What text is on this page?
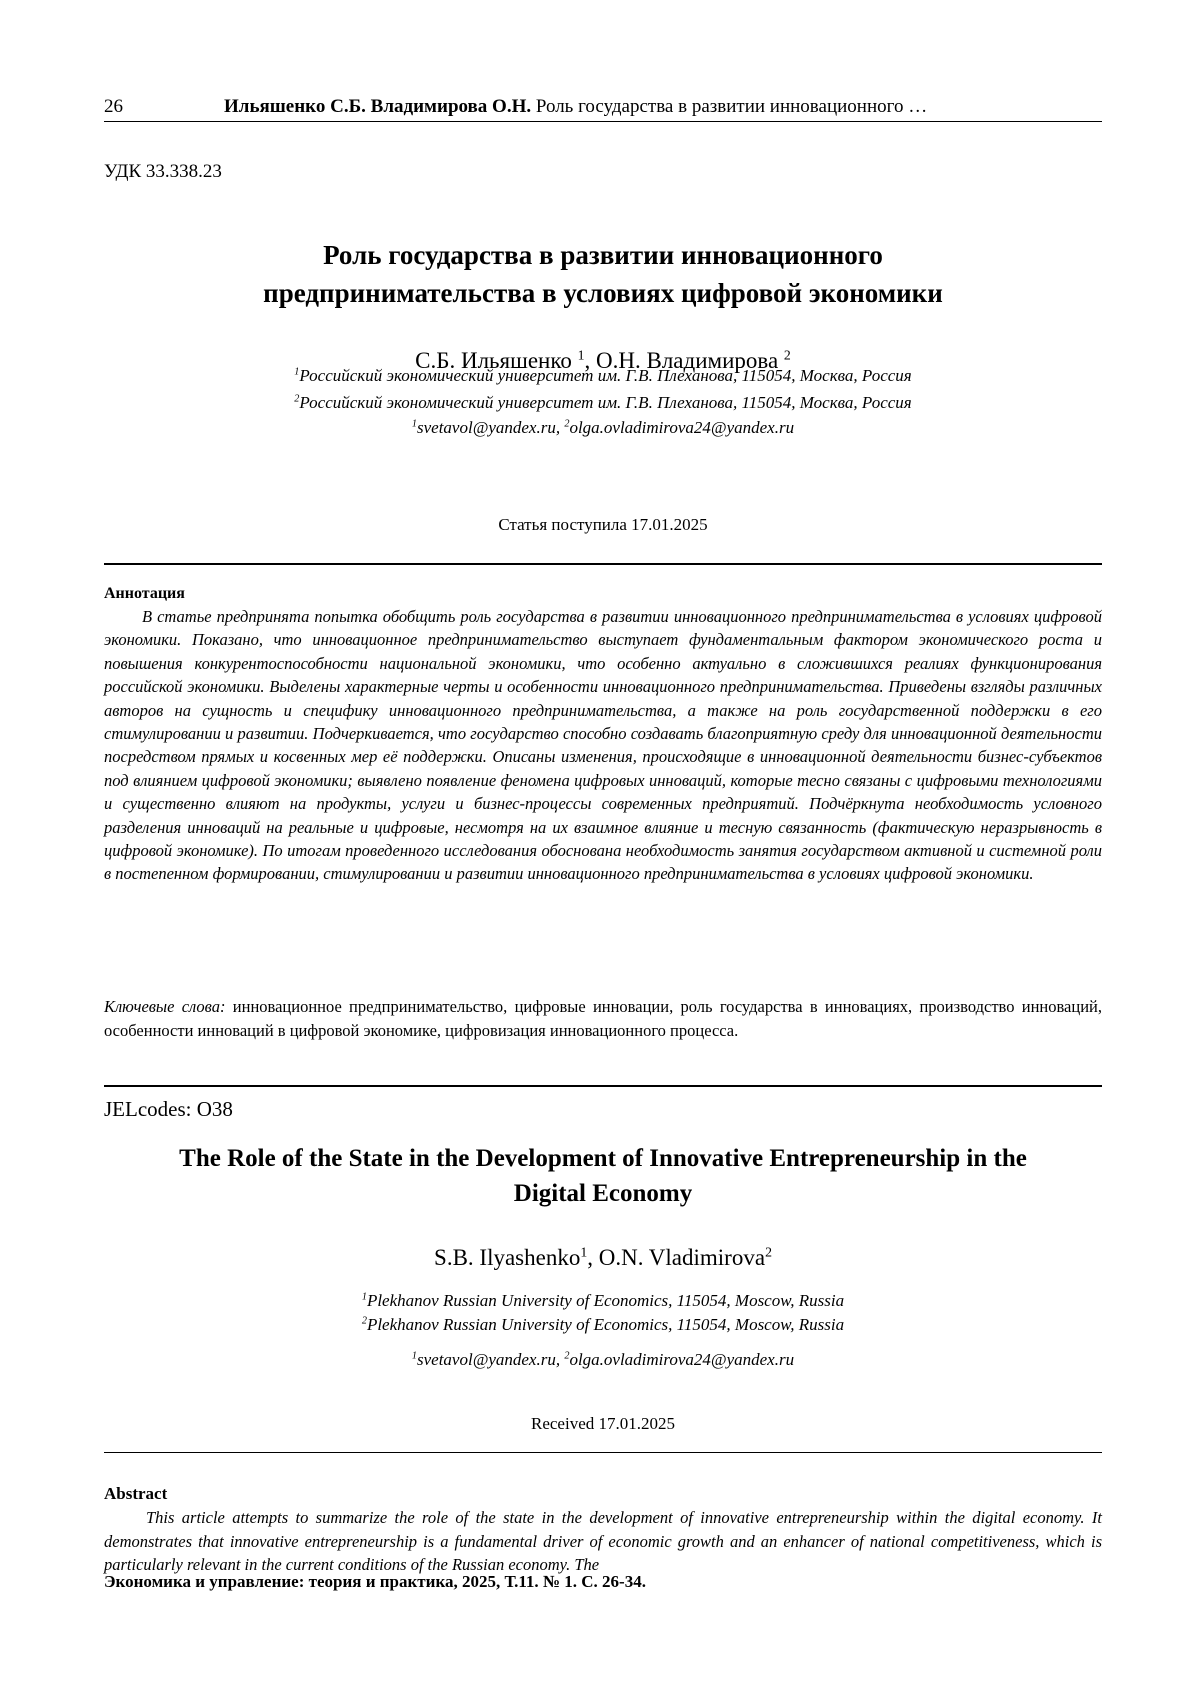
26	Ильяшенко С.Б. Владимирова О.Н. Роль государства в развитии инновационного …
УДК 33.338.23
Роль государства в развитии инновационного
предпринимательства в условиях цифровой экономики
С.Б. Ильяшенко $^1$, О.Н. Владимирова $^2$
$^1$Российский экономический университет им. Г.В. Плеханова, 115054, Москва, Россия
$^2$Российский экономический университет им. Г.В. Плеханова, 115054, Москва, Россия
$^1$svetavol@yandex.ru, $^2$olga.ovladimirova24@yandex.ru
Статья поступила 17.01.2025
Аннотация
В статье предпринята попытка обобщить роль государства в развитии инновационного предпринимательства в условиях цифровой экономики. Показано, что инновационное предпринимательство выступает фундаментальным фактором экономического роста и повышения конкурентоспособности национальной экономики, что особенно актуально в сложившихся реалиях функционирования российской экономики. Выделены характерные черты и особенности инновационного предпринимательства. Приведены взгляды различных авторов на сущность и специфику инновационного предпринимательства, а также на роль государственной поддержки в его стимулировании и развитии. Подчеркивается, что государство способно создавать благоприятную среду для инновационной деятельности посредством прямых и косвенных мер её поддержки. Описаны изменения, происходящие в инновационной деятельности бизнес-субъектов под влиянием цифровой экономики; выявлено появление феномена цифровых инноваций, которые тесно связаны с цифровыми технологиями и существенно влияют на продукты, услуги и бизнес-процессы современных предприятий. Подчёркнута необходимость условного разделения инноваций на реальные и цифровые, несмотря на их взаимное влияние и тесную связанность (фактическую неразрывность в цифровой экономике). По итогам проведенного исследования обоснована необходимость занятия государством активной и системной роли в постепенном формировании, стимулировании и развитии инновационного предпринимательства в условиях цифровой экономики.
Ключевые слова: инновационное предпринимательство, цифровые инновации, роль государства в инновациях, производство инноваций, особенности инноваций в цифровой экономике, цифровизация инновационного процесса.
JELcodes: O38
The Role of the State in the Development of Innovative Entrepreneurship in the
Digital Economy
S.B. Ilyashenko$^1$, O.N. Vladimirova$^2$
$^1$Plekhanov Russian University of Economics, 115054, Moscow, Russia
$^2$Plekhanov Russian University of Economics, 115054, Moscow, Russia
$^1$svetavol@yandex.ru, $^2$olga.ovladimirova24@yandex.ru
Received 17.01.2025
Abstract
This article attempts to summarize the role of the state in the development of innovative entrepreneurship within the digital economy. It demonstrates that innovative entrepreneurship is a fundamental driver of economic growth and an enhancer of national competitiveness, which is particularly relevant in the current conditions of the Russian economy. The
Экономика и управление: теория и практика, 2025, Т.11. № 1. С. 26-34.
